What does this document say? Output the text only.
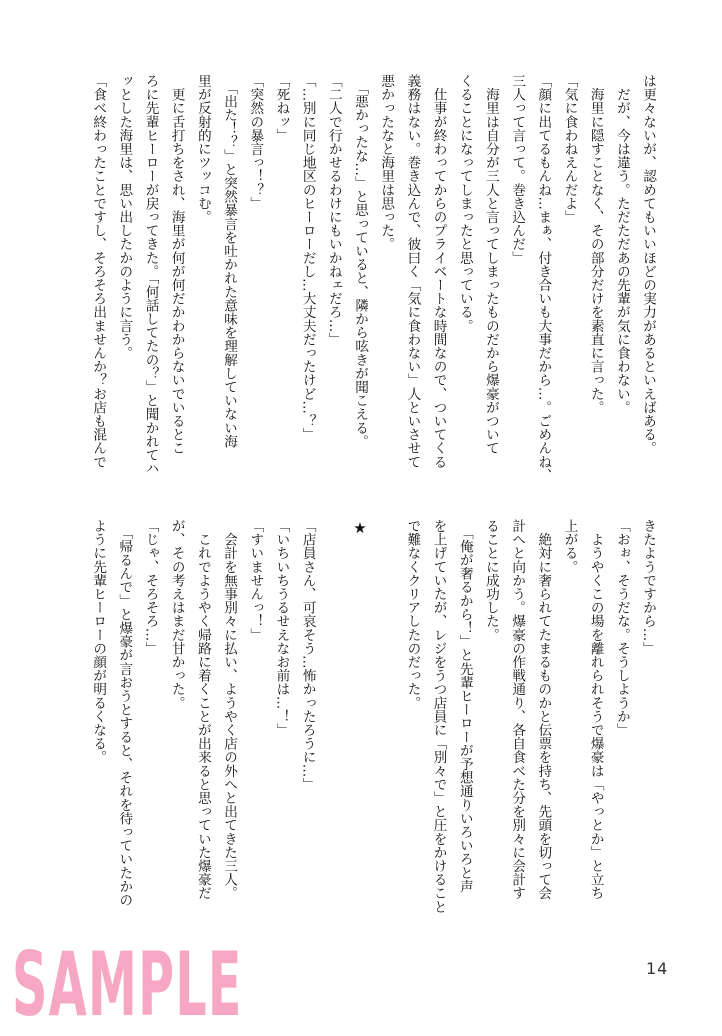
は更々ないが、認めてもいいほどの実力があるといえばある。
　だが、今は違う。ただただあの先輩が気に食わない。
　海里に隠すことなく、その部分だけを素直に言った。
「気に食わねえんだよ」
「顔に出てるもんね…まぁ、付き合いも大事だから…。ごめんね、
三人って言って。巻き込んだ」
　海里は自分が三人と言ってしまったものだから爆豪がついて
くることになってしまったと思っている。
　仕事が終わってからのプライベートな時間なので、ついてくる
義務はない。巻き込んで、彼曰く「気に食わない」人といさせて
悪かったなと海里は思った。
　「悪かったな…」と思っていると、隣から呟きが聞こえる。
「二人で行かせるわけにもいかねェだろ…」
「…別に同じ地区のヒーローだし…大丈夫だったけど…？」
「死ねッ」
「突然の暴言っ！？」
　「出た！？」と突然暴言を吐かれた意味を理解していない海
里が反射的にツッコむ。
　更に舌打ちをされ、海里が何が何だかわからないでいるとこ
ろに先輩ヒーローが戻ってきた。「何話してたの？」と聞かれてハ
ッとした海里は、思い出したかのように言う。
「食べ終わったことですし、そろそろ出ませんか？お店も混んで
きたようですから…」
「おぉ、そうだな。そうしようか」
　ようやくこの場を離れられそうで爆豪は「やっとか」と立ち
上がる。
　絶対に奢られてたまるものかと伝票を持ち、先頭を切って会
計へと向かう。爆豪の作戦通り、各自食べた分を別々に会計す
ることに成功した。
　「俺が奢るから！」と先輩ヒーローが予想通りいろいろと声
を上げていたが、レジをうつ店員に「別々で」と圧をかけること
で難なくクリアしたのだった。
★
「店員さん、可哀そう…怖かったろうに…」
「いちいちうるせえなお前は…！」
「すいませんっ！」
　会計を無事別々に払い、ようやく店の外へと出てきた三人。
　これでようやく帰路に着くことが出来ると思っていた爆豪だ
が、その考えはまだ甘かった。
「じゃ、そろそろ…」
　「帰るんで」と爆豪が言おうとすると、それを待っていたかの
ように先輩ヒーローの顔が明るくなる。
SAMPLE	14
